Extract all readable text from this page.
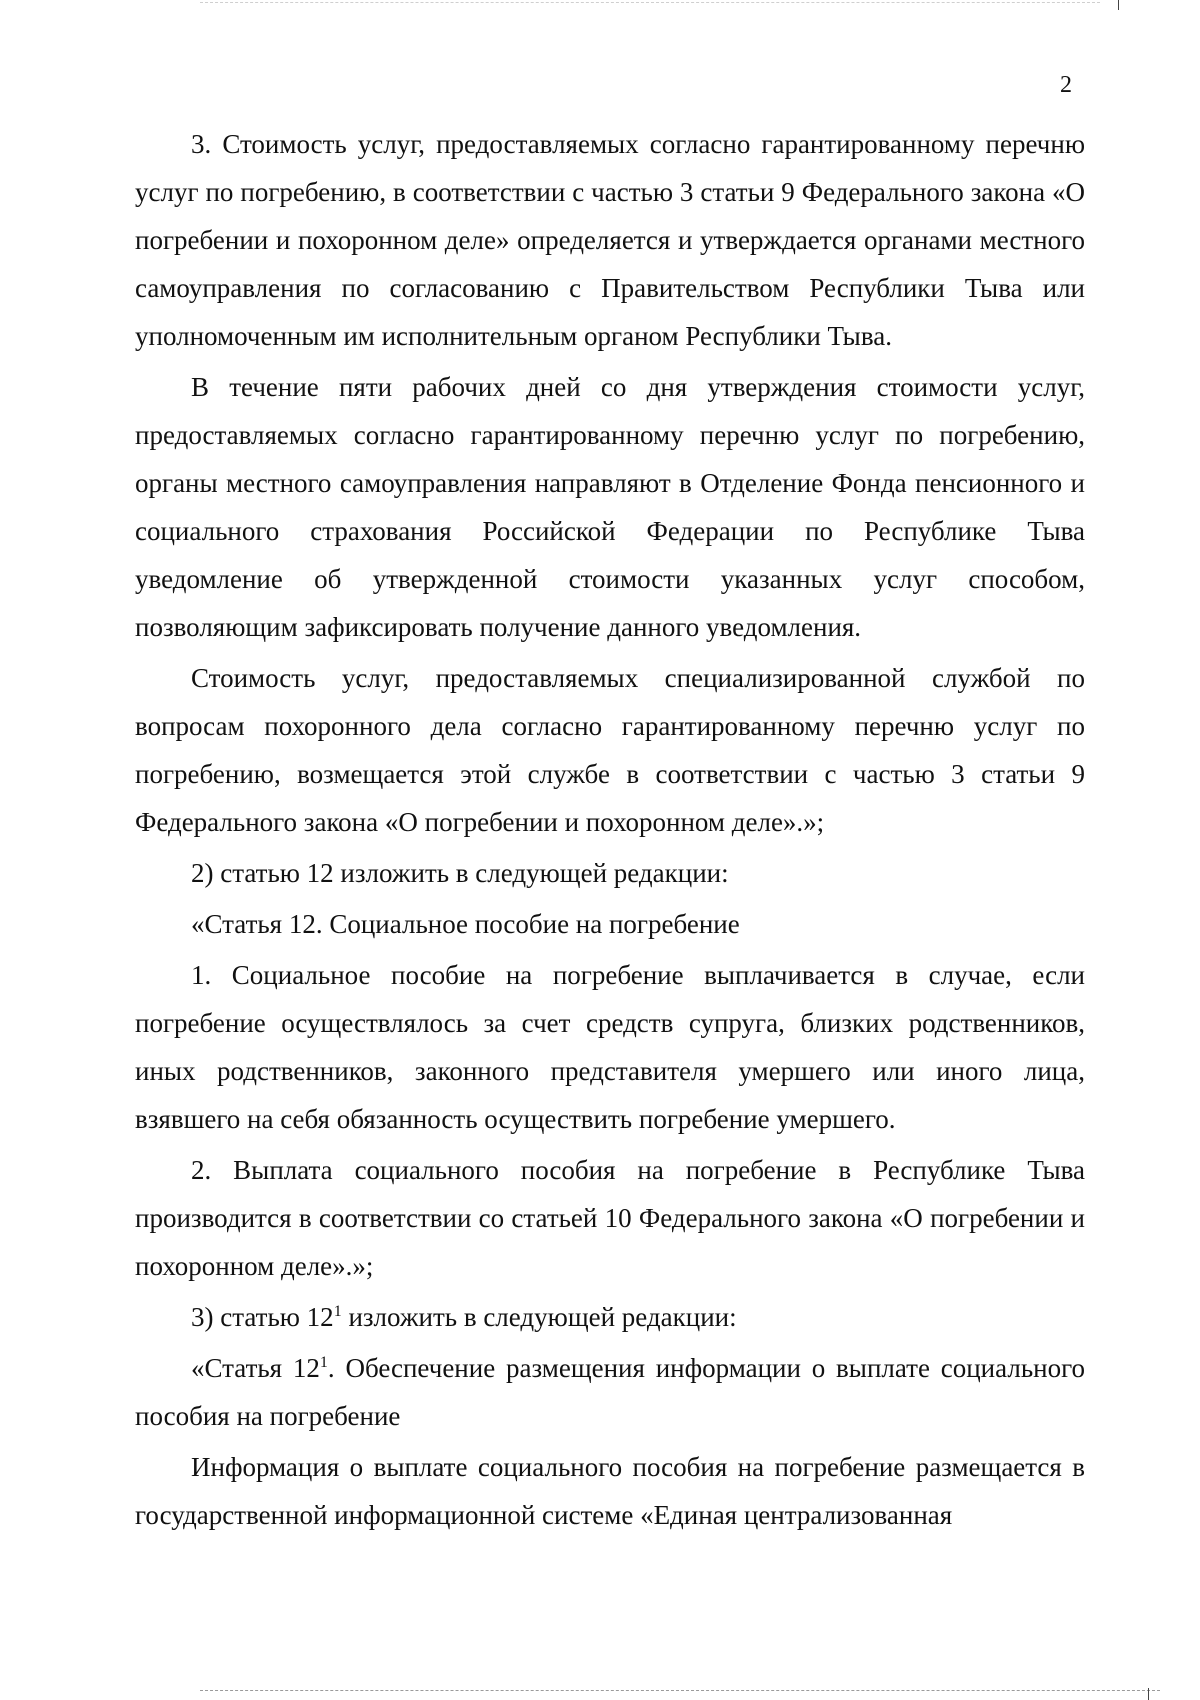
2

3. Стоимость услуг, предоставляемых согласно гарантированному перечню услуг по погребению, в соответствии с частью 3 статьи 9 Федерального закона «О погребении и похоронном деле» определяется и утверждается органами местного самоуправления по согласованию с Правительством Республики Тыва или уполномоченным им исполнительным органом Республики Тыва.

В течение пяти рабочих дней со дня утверждения стоимости услуг, предоставляемых согласно гарантированному перечню услуг по погребению, органы местного самоуправления направляют в Отделение Фонда пенсионного и социального страхования Российской Федерации по Республике Тыва уведомление об утвержденной стоимости указанных услуг способом, позволяющим зафиксировать получение данного уведомления.

Стоимость услуг, предоставляемых специализированной службой по вопросам похоронного дела согласно гарантированному перечню услуг по погребению, возмещается этой службе в соответствии с частью 3 статьи 9 Федерального закона «О погребении и похоронном деле».»;

2) статью 12 изложить в следующей редакции:

«Статья 12. Социальное пособие на погребение

1. Социальное пособие на погребение выплачивается в случае, если погребение осуществлялось за счет средств супруга, близких родственников, иных родственников, законного представителя умершего или иного лица, взявшего на себя обязанность осуществить погребение умершего.

2. Выплата социального пособия на погребение в Республике Тыва производится в соответствии со статьей 10 Федерального закона «О погребении и похоронном деле».»;

3) статью $12^1$ изложить в следующей редакции:

«Статья $12^1$. Обеспечение размещения информации о выплате социального пособия на погребение

Информация о выплате социального пособия на погребение размещается в государственной информационной системе «Единая централизованная
